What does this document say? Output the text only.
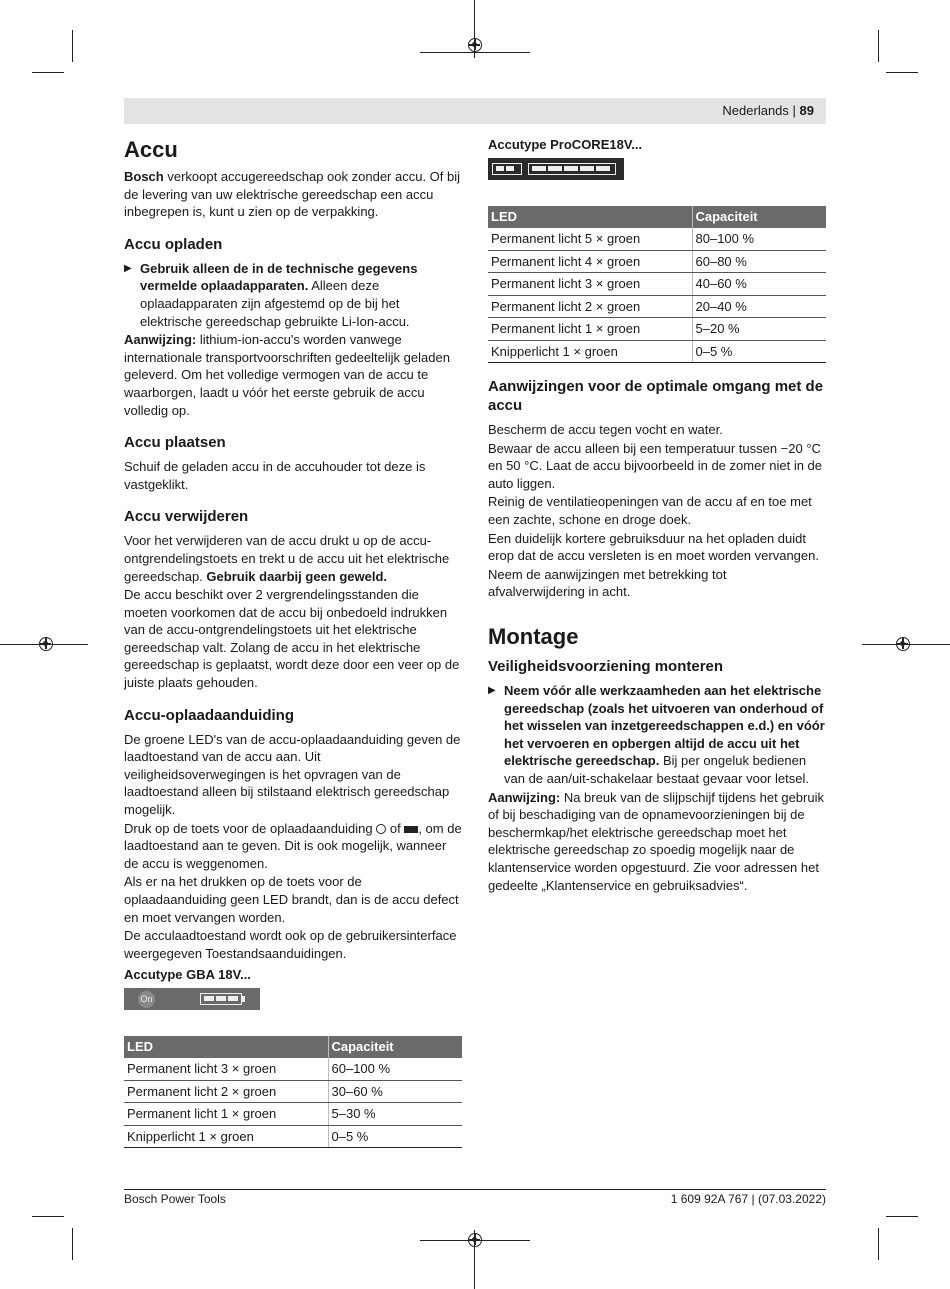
Nederlands | 89
Accu

Bosch verkoopt accugereedschap ook zonder accu. Of bij de levering van uw elektrische gereedschap een accu inbegrepen is, kunt u zien op de verpakking.

Accu opladen

▶ Gebruik alleen de in de technische gegevens vermelde oplaadapparaten. Alleen deze oplaadapparaten zijn afgestemd op de bij het elektrische gereedschap gebruikte Li-Ion-accu.

Aanwijzing: lithium-ion-accu's worden vanwege internationale transportvoorschriften gedeeltelijk geladen geleverd. Om het volledige vermogen van de accu te waarborgen, laadt u vóór het eerste gebruik de accu volledig op.

Accu plaatsen

Schuif de geladen accu in de accuhouder tot deze is vastgeklikt.

Accu verwijderen

Voor het verwijderen van de accu drukt u op de accu-ontgrendelingstoets en trekt u de accu uit het elektrische gereedschap. Gebruik daarbij geen geweld.

De accu beschikt over 2 vergrendelingsstanden die moeten voorkomen dat de accu bij onbedoeld indrukken van de accu-ontgrendelingstoets uit het elektrische gereedschap valt. Zolang de accu in het elektrische gereedschap is geplaatst, wordt deze door een veer op de juiste plaats gehouden.

Accu-oplaadaanduiding

De groene LED's van de accu-oplaadaanduiding geven de laadtoestand van de accu aan. Uit veiligheidsoverwegingen is het opvragen van de laadtoestand alleen bij stilstaand elektrisch gereedschap mogelijk.

Druk op de toets voor de oplaadaanduiding  of , om de laadtoestand aan te geven. Dit is ook mogelijk, wanneer de accu is weggenomen.

Als er na het drukken op de toets voor de oplaadaanduiding geen LED brandt, dan is de accu defect en moet vervangen worden.

De acculaadtoestand wordt ook op de gebruikersinterface weergegeven Toestandsaanduidingen.

Accutype GBA 18V...
On
LED	Capaciteit
Permanent licht 3 × groen	60–100 %
Permanent licht 2 × groen	30–60 %
Permanent licht 1 × groen	5–30 %
Knipperlicht 1 × groen	0–5 %
Accutype ProCORE18V...
LED	Capaciteit
Permanent licht 5 × groen	80–100 %
Permanent licht 4 × groen	60–80 %
Permanent licht 3 × groen	40–60 %
Permanent licht 2 × groen	20–40 %
Permanent licht 1 × groen	5–20 %
Knipperlicht 1 × groen	0–5 %
Aanwijzingen voor de optimale omgang met de accu

Bescherm de accu tegen vocht en water.

Bewaar de accu alleen bij een temperatuur tussen −20 °C en 50 °C. Laat de accu bijvoorbeeld in de zomer niet in de auto liggen.

Reinig de ventilatieopeningen van de accu af en toe met een zachte, schone en droge doek.

Een duidelijk kortere gebruiksduur na het opladen duidt erop dat de accu versleten is en moet worden vervangen.

Neem de aanwijzingen met betrekking tot afvalverwijdering in acht.

Montage
Veiligheidsvoorziening monteren

▶ Neem vóór alle werkzaamheden aan het elektrische gereedschap (zoals het uitvoeren van onderhoud of het wisselen van inzetgereedschappen e.d.) en vóór het vervoeren en opbergen altijd de accu uit het elektrische gereedschap. Bij per ongeluk bedienen van de aan/uit-schakelaar bestaat gevaar voor letsel.

Aanwijzing: Na breuk van de slijpschijf tijdens het gebruik of bij beschadiging van de opnamevoorzieningen bij de beschermkap/het elektrische gereedschap moet het elektrische gereedschap zo spoedig mogelijk naar de klantenservice worden opgestuurd. Zie voor adressen het gedeelte „Klantenservice en gebruiksadvies“.

Bosch Power Tools	1 609 92A 767 | (07.03.2022)
